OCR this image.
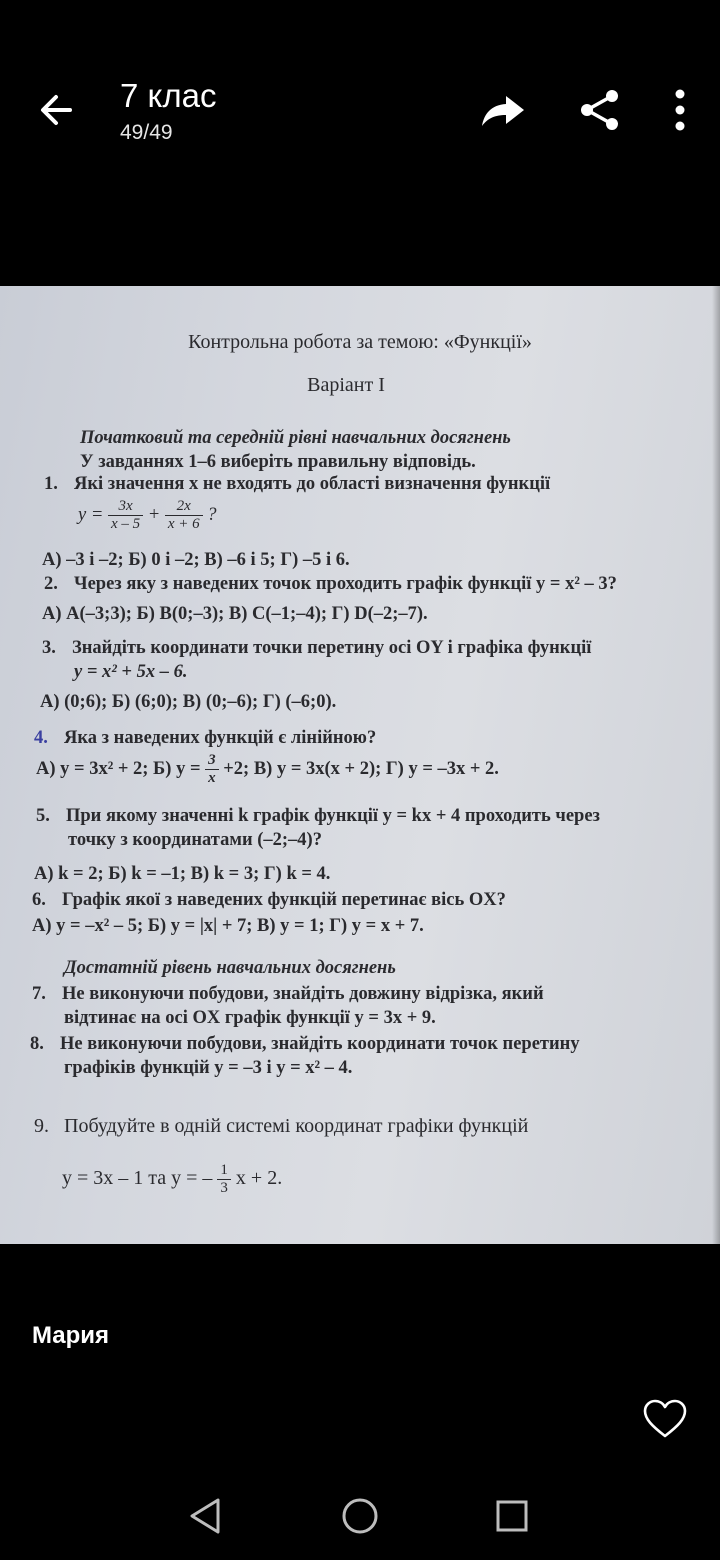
7 клас
49/49
Контрольна робота за темою: «Функції»
Варіант І
Початковий та середній рівні навчальних досягнень
У завданнях 1–6 виберіть правильну відповідь.
1. Які значення x не входять до області визначення функції
$y = \frac{3x}{x - 5} + \frac{2x}{x + 6}$ ?
А) –3 і –2; Б) 0 і –2; В) –6 і 5; Г) –5 і 6.
2. Через яку з наведених точок проходить графік функції y = x² – 3?
А) A(–3;3); Б) B(0;–3); В) C(–1;–4); Г) D(–2;–7).
3. Знайдіть координати точки перетину осі OY і графіка функції
y = x² + 5x – 6.
А) (0;6); Б) (6;0); В) (0;–6); Г) (–6;0).
4. Яка з наведених функцій є лінійною?
А) y = 3x² + 2; Б) $y = \frac{3}{x} +2$; В) y = 3x(x + 2); Г) y = –3x + 2.
5. При якому значенні k графік функції y = kx + 4 проходить через
точку з координатами (–2;–4)?
А) k = 2; Б) k = –1; В) k = 3; Г) k = 4.
6. Графік якої з наведених функцій перетинає вісь OX?
А) y = –x² – 5; Б) y = |x| + 7; В) y = 1; Г) y = x + 7.
Достатній рівень навчальних досягнень
7. Не виконуючи побудови, знайдіть довжину відрізка, який
відтинає на осі OX графік функції y = 3x + 9.
8. Не виконуючи побудови, знайдіть координати точок перетину
графіків функцій y = –3 і y = x² – 4.
9. Побудуйте в одній системі координат графіки функцій
y = 3x – 1 та y = – $\frac{1}{3}$ x + 2.
Мария
